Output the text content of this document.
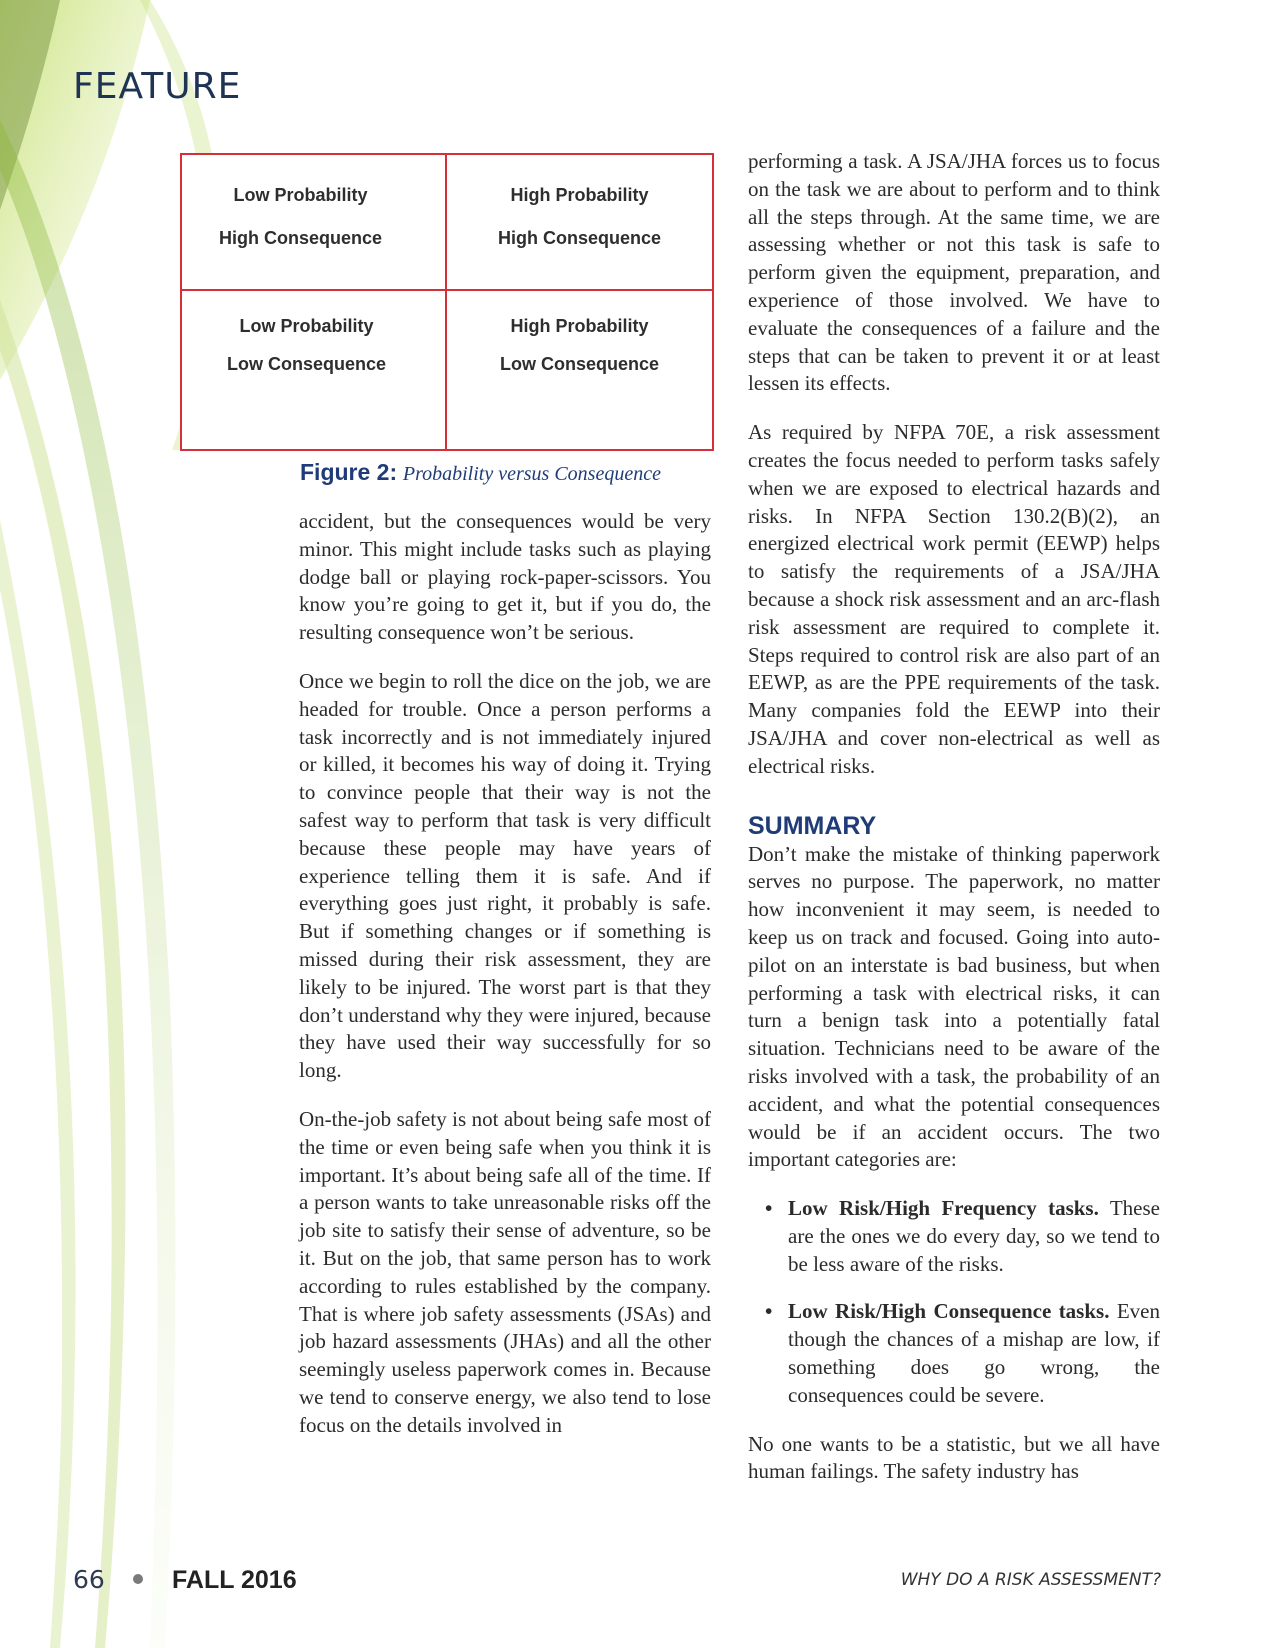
FEATURE
Low Probability
High Consequence
High Probability
High Consequence
Low Probability
Low Consequence
High Probability
Low Consequence
Figure 2: Probability versus Consequence

accident, but the consequences would be very minor. This might include tasks such as playing dodge ball or playing rock-paper-scissors. You know you’re going to get it, but if you do, the resulting consequence won’t be serious.

Once we begin to roll the dice on the job, we are headed for trouble. Once a person performs a task incorrectly and is not immediately injured or killed, it becomes his way of doing it. Trying to convince people that their way is not the safest way to perform that task is very difficult because these people may have years of experience telling them it is safe. And if everything goes just right, it probably is safe. But if something changes or if something is missed during their risk assessment, they are likely to be injured. The worst part is that they don’t understand why they were injured, because they have used their way successfully for so long.

On-the-job safety is not about being safe most of the time or even being safe when you think it is important. It’s about being safe all of the time. If a person wants to take unreasonable risks off the job site to satisfy their sense of adventure, so be it. But on the job, that same person has to work according to rules established by the company. That is where job safety assessments (JSAs) and job hazard assessments (JHAs) and all the other seemingly useless paperwork comes in. Because we tend to conserve energy, we also tend to lose focus on the details involved in

performing a task. A JSA/JHA forces us to focus on the task we are about to perform and to think all the steps through. At the same time, we are assessing whether or not this task is safe to perform given the equipment, preparation, and experience of those involved. We have to evaluate the consequences of a failure and the steps that can be taken to prevent it or at least lessen its effects.

As required by NFPA 70E, a risk assessment creates the focus needed to perform tasks safely when we are exposed to electrical hazards and risks. In NFPA Section 130.2(B)(2), an energized electrical work permit (EEWP) helps to satisfy the requirements of a JSA/JHA because a shock risk assessment and an arc-flash risk assessment are required to complete it. Steps required to control risk are also part of an EEWP, as are the PPE requirements of the task. Many companies fold the EEWP into their JSA/JHA and cover non-electrical as well as electrical risks.

SUMMARY

Don’t make the mistake of thinking paperwork serves no purpose. The paperwork, no matter how inconvenient it may seem, is needed to keep us on track and focused. Going into auto-pilot on an interstate is bad business, but when performing a task with electrical risks, it can turn a benign task into a potentially fatal situation. Technicians need to be aware of the risks involved with a task, the probability of an accident, and what the potential consequences would be if an accident occurs. The two important categories are:

• Low Risk/High Frequency tasks. These are the ones we do every day, so we tend to be less aware of the risks.
• Low Risk/High Consequence tasks. Even though the chances of a mishap are low, if something does go wrong, the consequences could be severe.

No one wants to be a statistic, but we all have human failings. The safety industry has

66	FALL 2016	WHY DO A RISK ASSESSMENT?
